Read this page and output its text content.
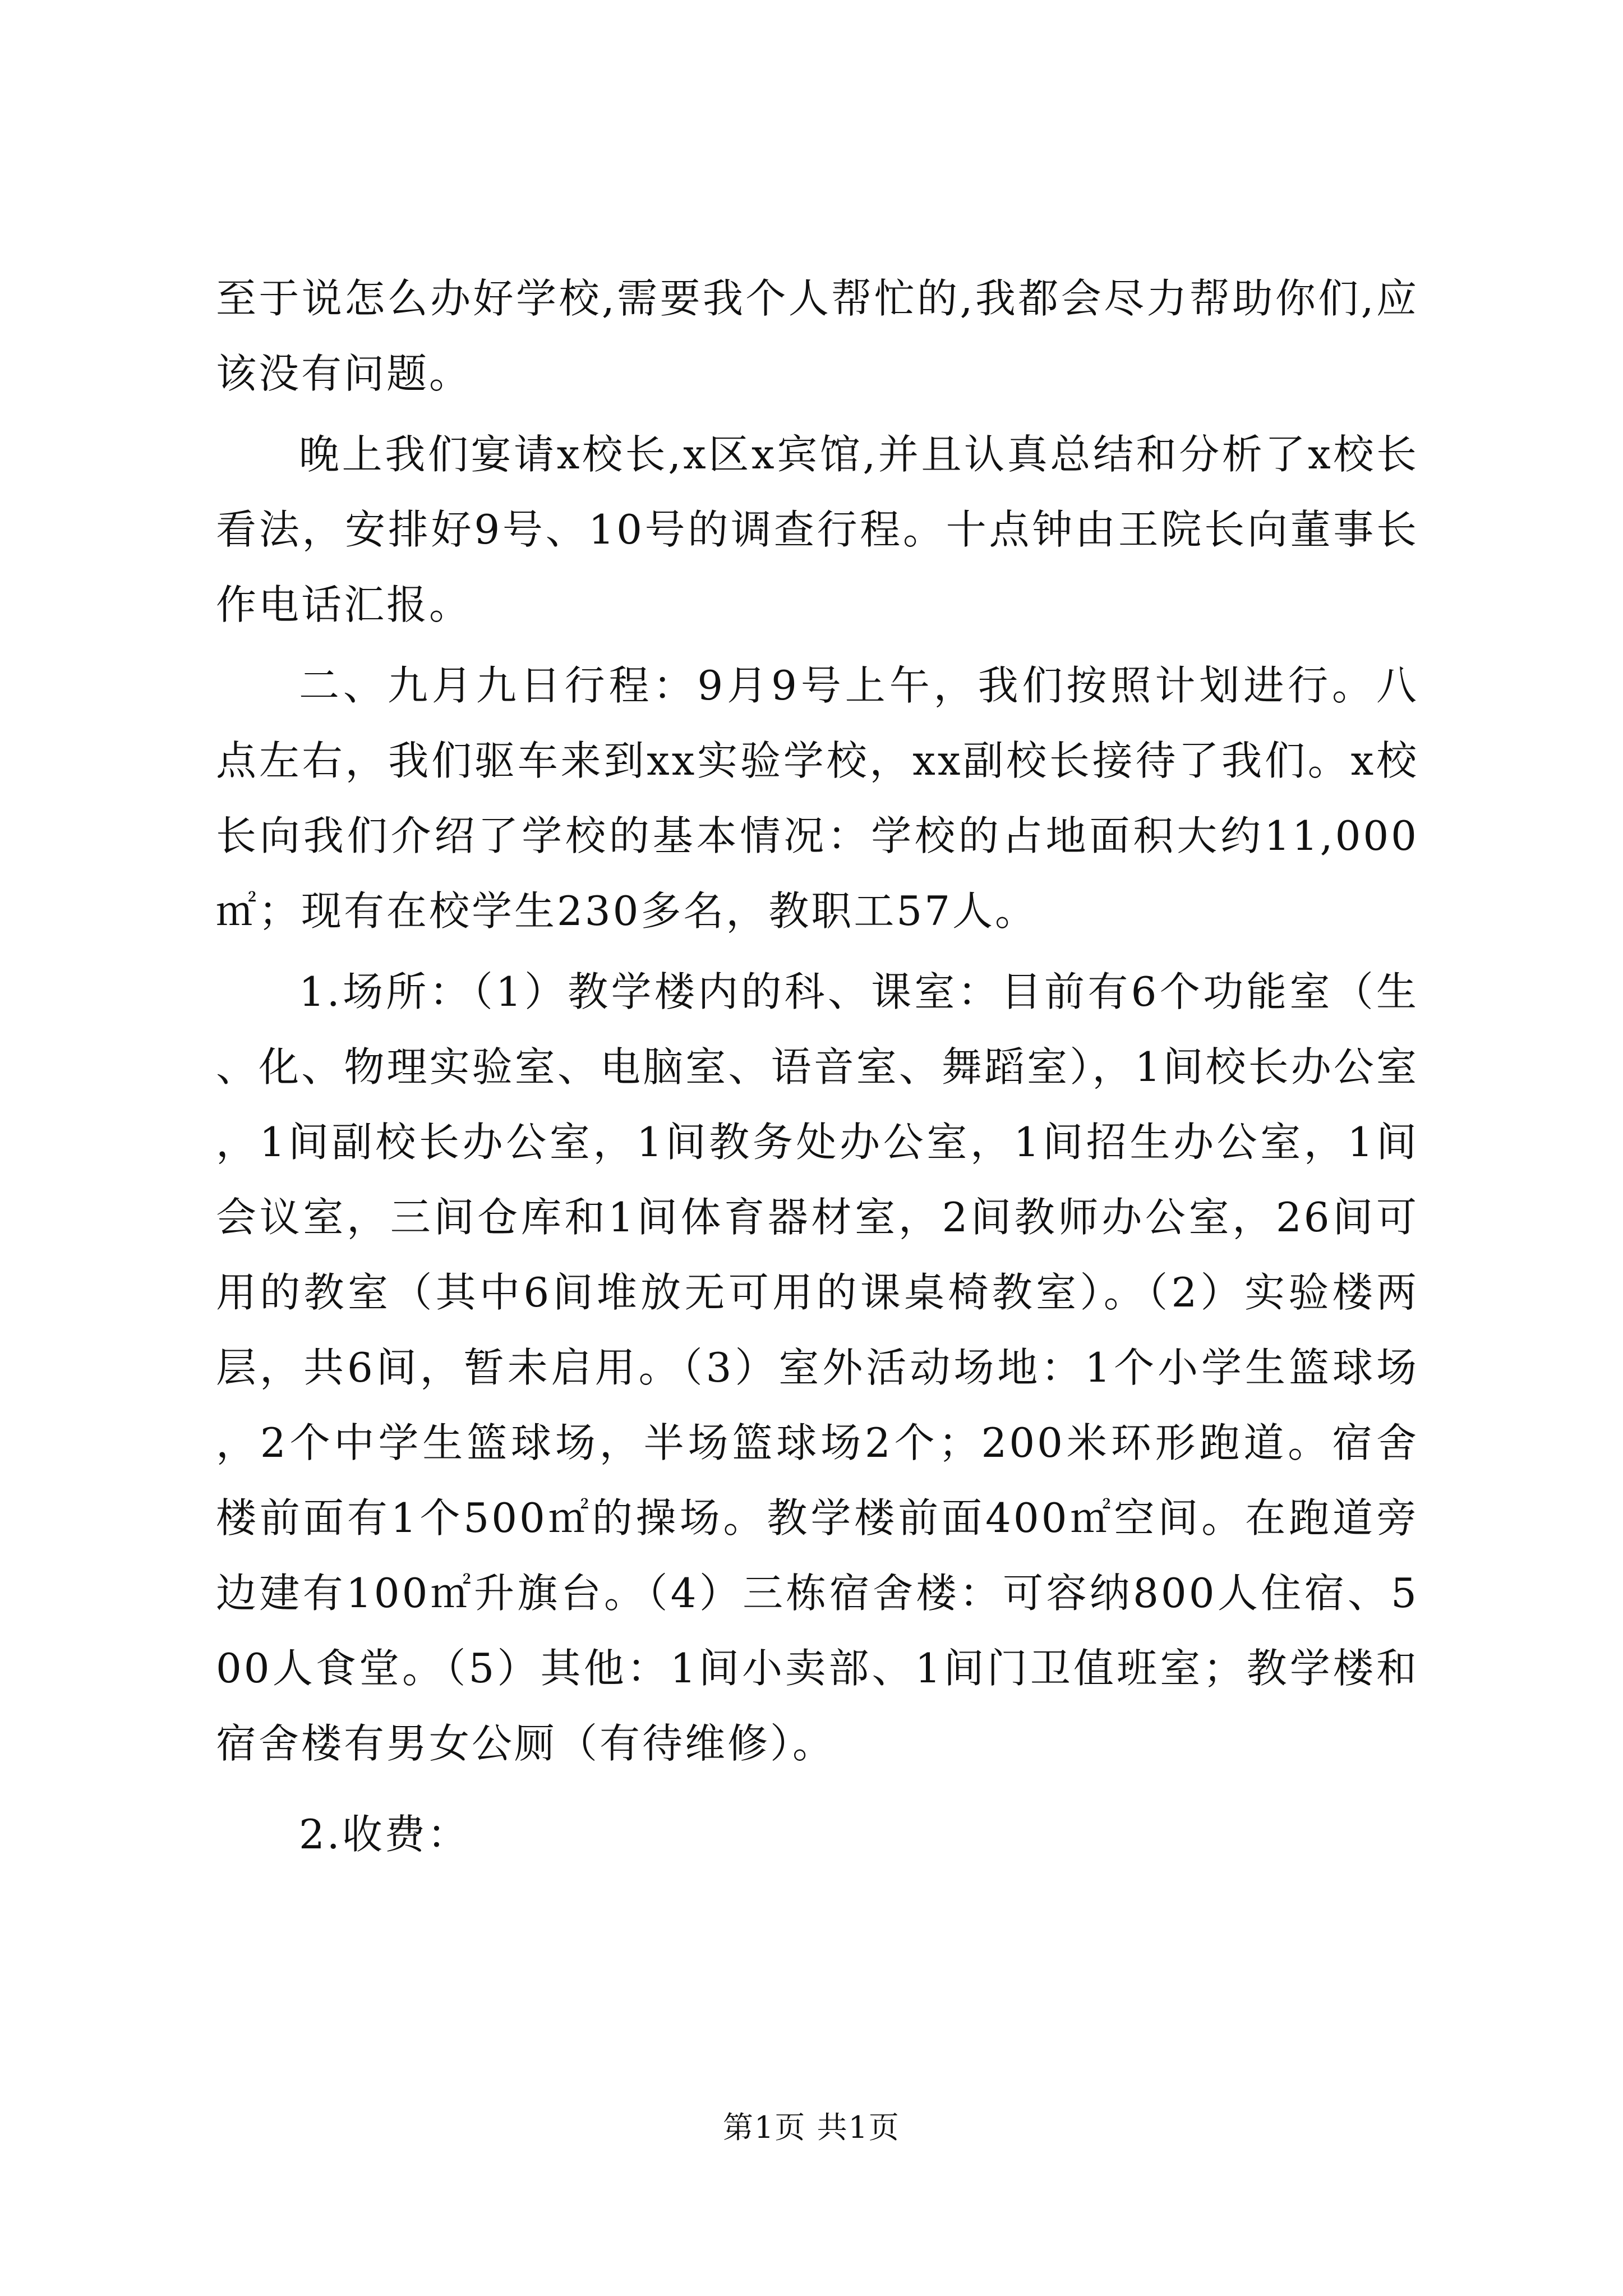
至于说怎么办好学校,需要我个人帮忙的,我都会尽力帮助你们,应该没有问题。

晚上我们宴请x校长,x区x宾馆,并且认真总结和分析了x校长看法，安排好9号、10号的调查行程。十点钟由王院长向董事长作电话汇报。

二、九月九日行程：9月9号上午，我们按照计划进行。八点左右，我们驱车来到xx实验学校，xx副校长接待了我们。x校长向我们介绍了学校的基本情况：学校的占地面积大约11,000㎡；现有在校学生230多名，教职工57人。

1.场所：（1）教学楼内的科、课室：目前有6个功能室（生、化、物理实验室、电脑室、语音室、舞蹈室），1间校长办公室，1间副校长办公室，1间教务处办公室，1间招生办公室，1间会议室，三间仓库和1间体育器材室，2间教师办公室，26间可用的教室（其中6间堆放无可用的课桌椅教室）。（2）实验楼两层，共6间，暂未启用。（3）室外活动场地：1个小学生篮球场，2个中学生篮球场，半场篮球场2个；200米环形跑道。宿舍楼前面有1个500㎡的操场。教学楼前面400㎡空间。在跑道旁边建有100㎡升旗台。（4）三栋宿舍楼：可容纳800人住宿、500人食堂。（5）其他：1间小卖部、1间门卫值班室；教学楼和宿舍楼有男女公厕（有待维修）。

2.收费：

第1页 共1页
